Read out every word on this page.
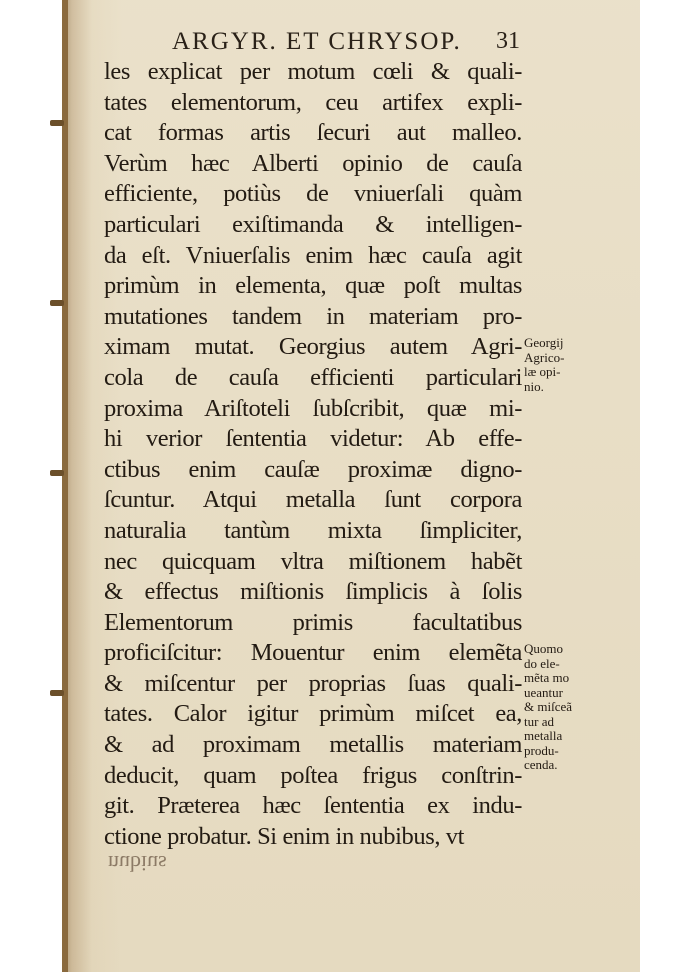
ARGYR. ET CHRYSOP. 31
les explicat per motum cœli & quali-
tates elementorum, ceu artifex expli-
cat formas artis ſecuri aut malleo.
Verùm hæc Alberti opinio de cauſa
efficiente, potiùs de vniuerſali quàm
particulari exiſtimanda & intelligen-
da eſt. Vniuerſalis enim hæc cauſa agit
primùm in elementa, quæ poſt multas
mutationes tandem in materiam pro-
ximam mutat. Georgius autem Agri-
cola de cauſa efficienti particulari
proxima Ariſtoteli ſubſcribit, quæ mi-
hi verior ſententia videtur: Ab effe-
ctibus enim cauſæ proximæ digno-
ſcuntur. Atqui metalla ſunt corpora
naturalia tantùm mixta ſimpliciter,
nec quicquam vltra miſtionem habẽt
& effectus miſtionis ſimplicis à ſolis
Elementorum primis facultatibus
proficiſcitur: Mouentur enim elemẽta
& miſcentur per proprias ſuas quali-
tates. Calor igitur primùm miſcet ea,
& ad proximam metallis materiam
deducit, quam poſtea frigus conſtrin-
git. Præterea hæc ſententia ex indu-
ctione probatur. Si enim in nubibus, vt
Georgij
Agrico-
læ opi-
nio.
Quomo
do ele-
mẽta mo
ueantur
& miſceã
tur ad
metalla
produ-
cenda.
nubius
